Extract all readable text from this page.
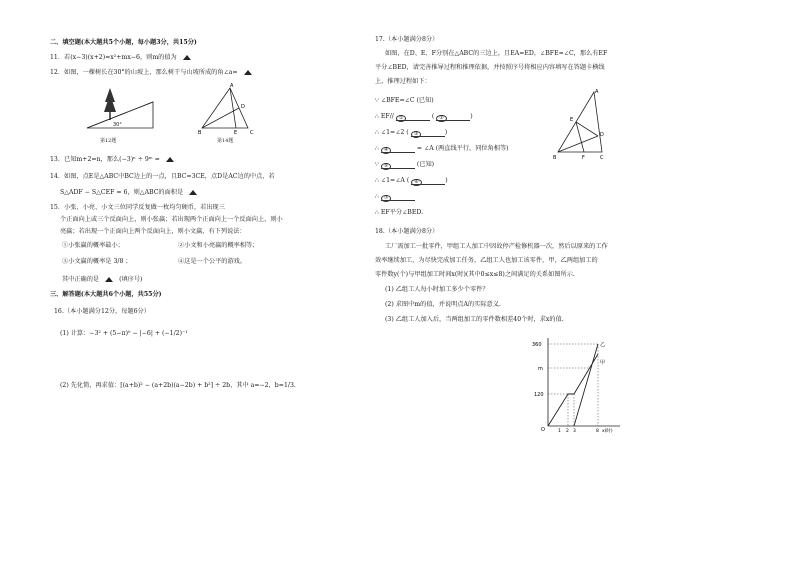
二、填空题(本大题共5个小题，每小题3分，共15分)
11．若(x−3)(x+2)=x²+mx−6，则m的值为
12．如图，一棵树长在30°的山坡上，那么树干与山坡所成的角∠a=
30°
第12题
A
B	C
D
E
第14题
13．已知m+2=n，那么(−3)ⁿ ÷ 9ᵐ =
14．如图，点E是△ABC中BC边上的一点，且BC=3CE，点D是AC边的中点，若
S△ADF − S△CEF = 6，则△ABC的面积是
15．小张、小亮、小文三位同学反复做一枚均匀硬币，若出现三
个正面向上或三个反面向上，则小张赢；若出现两个正面向上一个反面向上，则小
亮赢；若出现一个正面向上两个反面向上，则小文赢，有下列说法：
①小张赢的概率最小；	②小文和小亮赢的概率相等；
③小文赢的概率是 3/8 ；	④这是一个公平的游戏。
其中正确的是	(填序号)
三、解答题(本大题共6个小题，共55分)
16.（本小题满分12分，每题6分）
(1) 计算：−3² + (5−π)⁰ − |−6| + (−1/2)⁻¹
(2) 先化简，再求值：[(a+b)² − (a+2b)(a−2b) + b²] ÷ 2b，其中 a=−2，b=1/3.
17.（本小题满分8分）
如图，在D、E、F分别在△ABC的三边上，且EA=ED，∠BFE=∠C，那么有EF
平分∠BED，请完善推导过程和推理依据，并按照序号将相应内容填写在答题卡横线
上，推理过程如下：
∵ ∠BFE=∠C (已知)
∴ EF// ①	( ②	)
∴ ∠1=∠2 ( ③	)
∴ ④	= ∠A (两直线平行，同位角相等)
∵ ⑤	(已知)
∴ ∠1=∠A ( ⑥	)
∴ ⑦
∴ EF平分∠BED.
A
E
D
B	F	C
18.（本小题满分8分）
工厂需加工一批零件，甲组工人加工中因故停产检修机器一次，然后以原来的工作
效率继续加工，为尽快完成加工任务，乙组工人也加工该零件，甲，乙两组加工的
零件数y(个)与甲组加工时间x(时)(其中0≤x≤8)之间满足的关系如图所示.
(1) 乙组工人每小时加工多少个零件？
(2) 求图中m的值，并说明点A的实际意义.
(3) 乙组工人加入后，当两组加工的零件数相差40个时，求x的值.
360
m
120
O	1 2 3	8 x(时)
乙
甲
